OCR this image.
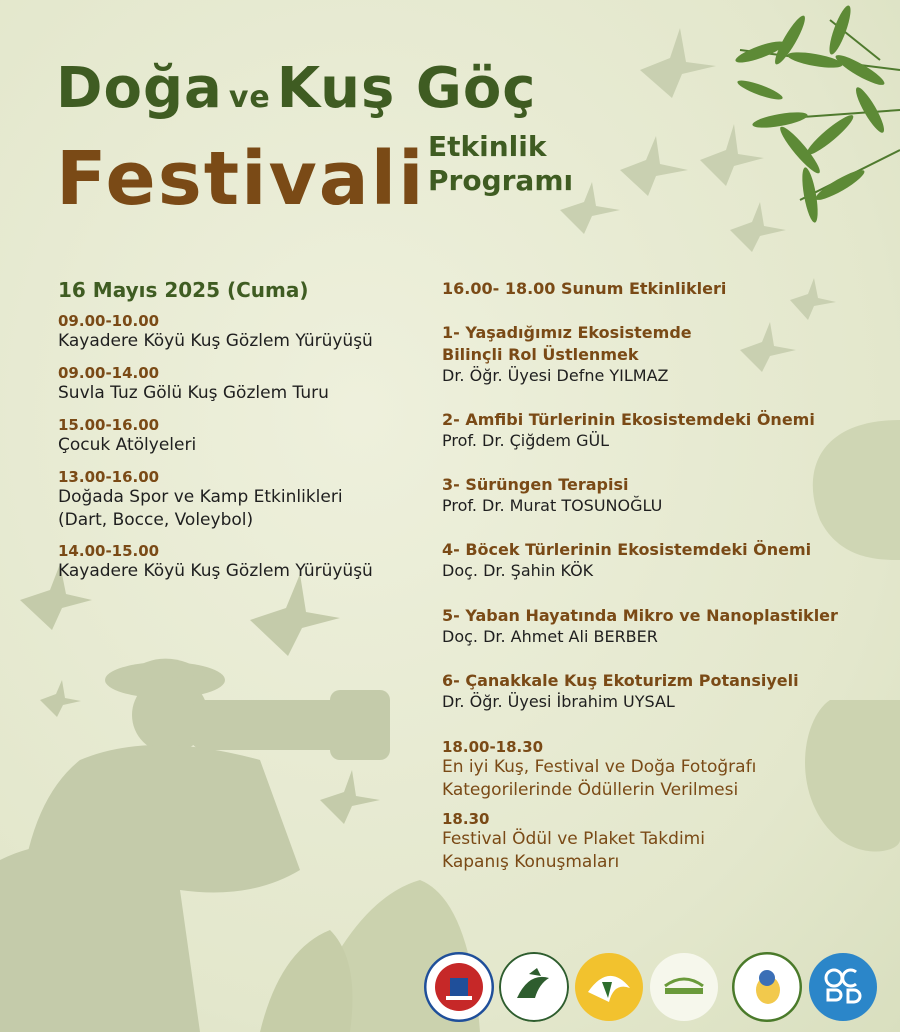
Doğa ve Kuş Göç
Festivali Etkinlik
Programı
16 Mayıs 2025 (Cuma)
09.00-10.00
Kayadere Köyü Kuş Gözlem Yürüyüşü
09.00-14.00
Suvla Tuz Gölü Kuş Gözlem Turu
15.00-16.00
Çocuk Atölyeleri
13.00-16.00
Doğada Spor ve Kamp Etkinlikleri
(Dart, Bocce, Voleybol)
14.00-15.00
Kayadere Köyü Kuş Gözlem Yürüyüşü
16.00- 18.00 Sunum Etkinlikleri
1- Yaşadığımız Ekosistemde
Bilinçli Rol Üstlenmek
Dr. Öğr. Üyesi Defne YILMAZ
2- Amfibi Türlerinin Ekosistemdeki Önemi
Prof. Dr. Çiğdem GÜL
3- Sürüngen Terapisi
Prof. Dr. Murat TOSUNOĞLU
4- Böcek Türlerinin Ekosistemdeki Önemi
Doç. Dr. Şahin KÖK
5- Yaban Hayatında Mikro ve Nanoplastikler
Doç. Dr. Ahmet Ali BERBER
6- Çanakkale Kuş Ekoturizm Potansiyeli
Dr. Öğr. Üyesi İbrahim UYSAL
18.00-18.30
En iyi Kuş, Festival ve Doğa Fotoğrafı
Kategorilerinde Ödüllerin Verilmesi
18.30
Festival Ödül ve Plaket Takdimi
Kapanış Konuşmaları
